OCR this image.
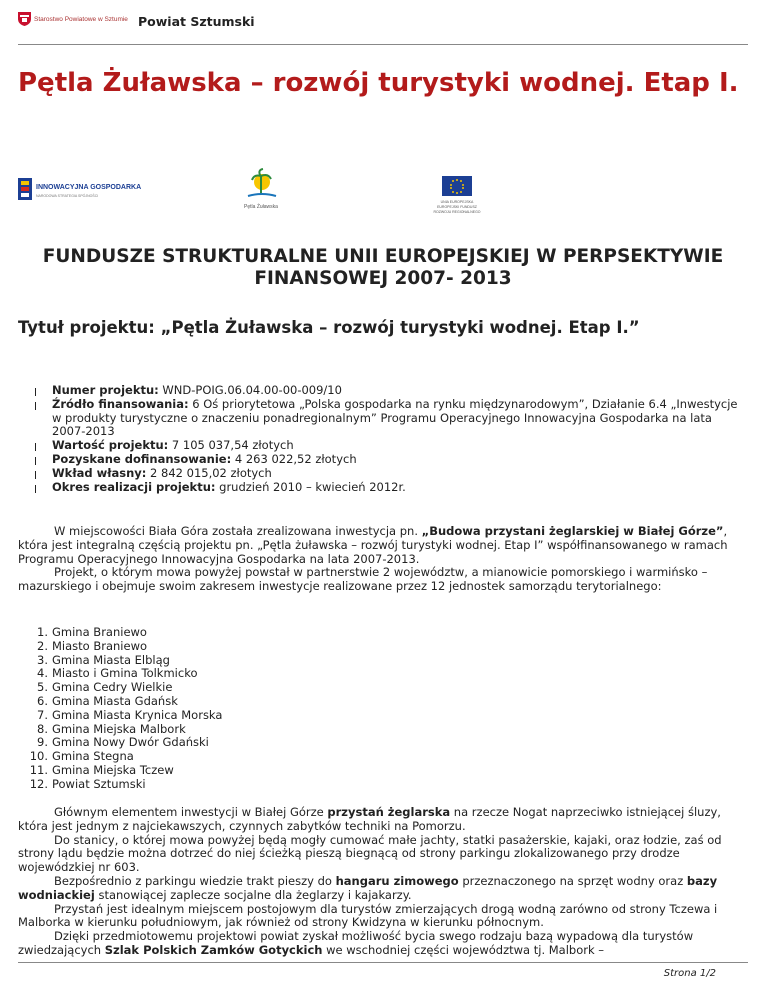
Starostwo Powiatowe w Sztumie Powiat Sztumski
Pętla Żuławska – rozwój turystyki wodnej. Etap I.
INNOWACYJNA GOSPODARKA
NARODOWA STRATEGIA SPÓJNOŚCI
Pętla Żuławska
UNIA EUROPEJSKA
EUROPEJSKI FUNDUSZ
ROZWOJU REGIONALNEGO
FUNDUSZE STRUKTURALNE UNII EUROPEJSKIEJ W PERPSEKTYWIE FINANSOWEJ 2007- 2013
Tytuł projektu: „Pętla Żuławska – rozwój turystyki wodnej. Etap I.”
Numer projektu: WND-POIG.06.04.00-00-009/10
Źródło finansowania: 6 Oś priorytetowa „Polska gospodarka na rynku międzynarodowym”, Działanie 6.4 „Inwestycje w produkty turystyczne o znaczeniu ponadregionalnym” Programu Operacyjnego Innowacyjna Gospodarka na lata 2007-2013
Wartość projektu: 7 105 037,54 złotych
Pozyskane dofinansowanie: 4 263 022,52 złotych
Wkład własny: 2 842 015,02 złotych
Okres realizacji projektu: grudzień 2010 – kwiecień 2012r.

W miejscowości Biała Góra została zrealizowana inwestycja pn. „Budowa przystani żeglarskiej w Białej Górze”, która jest integralną częścią projektu pn. „Pętla żuławska – rozwój turystyki wodnej. Etap I” współfinansowanego w ramach Programu Operacyjnego Innowacyjna Gospodarka na lata 2007-2013.
Projekt, o którym mowa powyżej powstał w partnerstwie 2 województw, a mianowicie pomorskiego i warmińsko – mazurskiego i obejmuje swoim zakresem inwestycje realizowane przez 12 jednostek samorządu terytorialnego:

1. Gmina Braniewo
2. Miasto Braniewo
3. Gmina Miasta Elbląg
4. Miasto i Gmina Tolkmicko
5. Gmina Cedry Wielkie
6. Gmina Miasta Gdańsk
7. Gmina Miasta Krynica Morska
8. Gmina Miejska Malbork
9. Gmina Nowy Dwór Gdański
10. Gmina Stegna
11. Gmina Miejska Tczew
12. Powiat Sztumski

Głównym elementem inwestycji w Białej Górze przystań żeglarska na rzecze Nogat naprzeciwko istniejącej śluzy, która jest jednym z najciekawszych, czynnych zabytków techniki na Pomorzu.
Do stanicy, o której mowa powyżej będą mogły cumować małe jachty, statki pasażerskie, kajaki, oraz łodzie, zaś od strony lądu będzie można dotrzeć do niej ścieżką pieszą biegnącą od strony parkingu zlokalizowanego przy drodze wojewódzkiej nr 603.
Bezpośrednio z parkingu wiedzie trakt pieszy do hangaru zimowego przeznaczonego na sprzęt wodny oraz bazy wodniackiej stanowiącej zaplecze socjalne dla żeglarzy i kajakarzy.
Przystań jest idealnym miejscem postojowym dla turystów zmierzających drogą wodną zarówno od strony Tczewa i Malborka w kierunku południowym, jak również od strony Kwidzyna w kierunku północnym.
Dzięki przedmiotowemu projektowi powiat zyskał możliwość bycia swego rodzaju bazą wypadową dla turystów zwiedzających Szlak Polskich Zamków Gotyckich we wschodniej części województwa tj. Malbork –

Strona 1/2
